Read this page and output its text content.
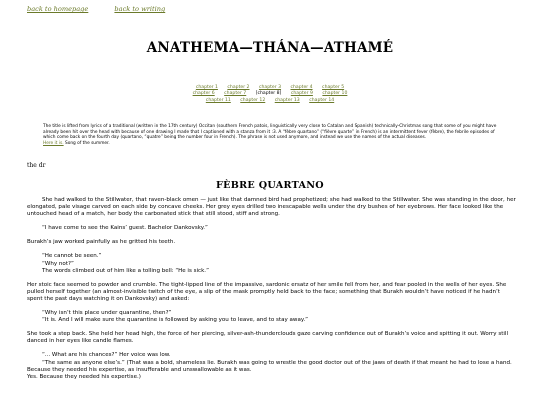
back to homepage	back to writing
ANATHEMA—THÁNA—ATHAMÉ
chapter 1 chapter 2 chapter 3 chapter 4 chapter 5
chapter 6 chapter 7 [chapter 8] chapter 9 chapter 10
chapter 11 chapter 12 chapter 13 chapter 14
The title is lifted from lyrics of a traditional (written in the 17th century) Occitan (southern French patois, linguistically very close to Catalan and Spanish) technically-Christmas song that some of you might have already been hit over the head with because of one drawing I made that I captioned with a stanza from it :3. A “fèbre quartano” (“fièvre quarte” in French) is an intermittent fever (fèbre), the febrile episodes of which come back on the fourth day (quartano, “quatre” being the number four in French). The phrase is not used anymore, and instead we use the names of the actual diseases.
Here it is. Song of the summer.
the dr
FÈBRE QUARTANO

She had walked to the Stillwater, that raven-black omen — just like that damned bird had prophetized; she had walked to the Stillwater. She was standing in the door, her elongated, pale visage carved on each side by concave cheeks. Her grey eyes drilled two inescapable wells under the dry bushes of her eyebrows. Her face looked like the untouched head of a match, her body the carbonated stick that still stood, stiff and strong.

“I have come to see the Kains’ guest. Bachelor Dankovsky.”

Burakh’s jaw worked painfully as he gritted his teeth.

“He cannot be seen.”
“Why not?”
The words climbed out of him like a tolling bell: “He is sick.”

Her stoic face seemed to powder and crumble. The tight-lipped line of the impassive, sardonic ersatz of her smile fell from her, and fear pooled in the wells of her eyes. She pulled herself together (an almost-invisible twitch of the eye, a slip of the mask promptly held back to the face; something that Burakh wouldn’t have noticed if he hadn’t spent the past days watching it on Dankovsky) and asked:

“Why isn’t this place under quarantine, then?”
“It is. And I will make sure the quarantine is followed by asking you to leave, and to stay away.”

She took a step back. She held her head high, the force of her piercing, silver-ash-thunderclouds gaze carving confidence out of Burakh’s voice and spitting it out. Worry still danced in her eyes like candle flames.

“... What are his chances?” Her voice was low.

“The same as anyone else’s.” (That was a bold, shameless lie. Burakh was going to wrestle the good doctor out of the jaws of death if that meant he had to lose a hand. Because they needed his expertise, as insufferable and unswallowable as it was.

Yes. Because they needed his expertise.)
